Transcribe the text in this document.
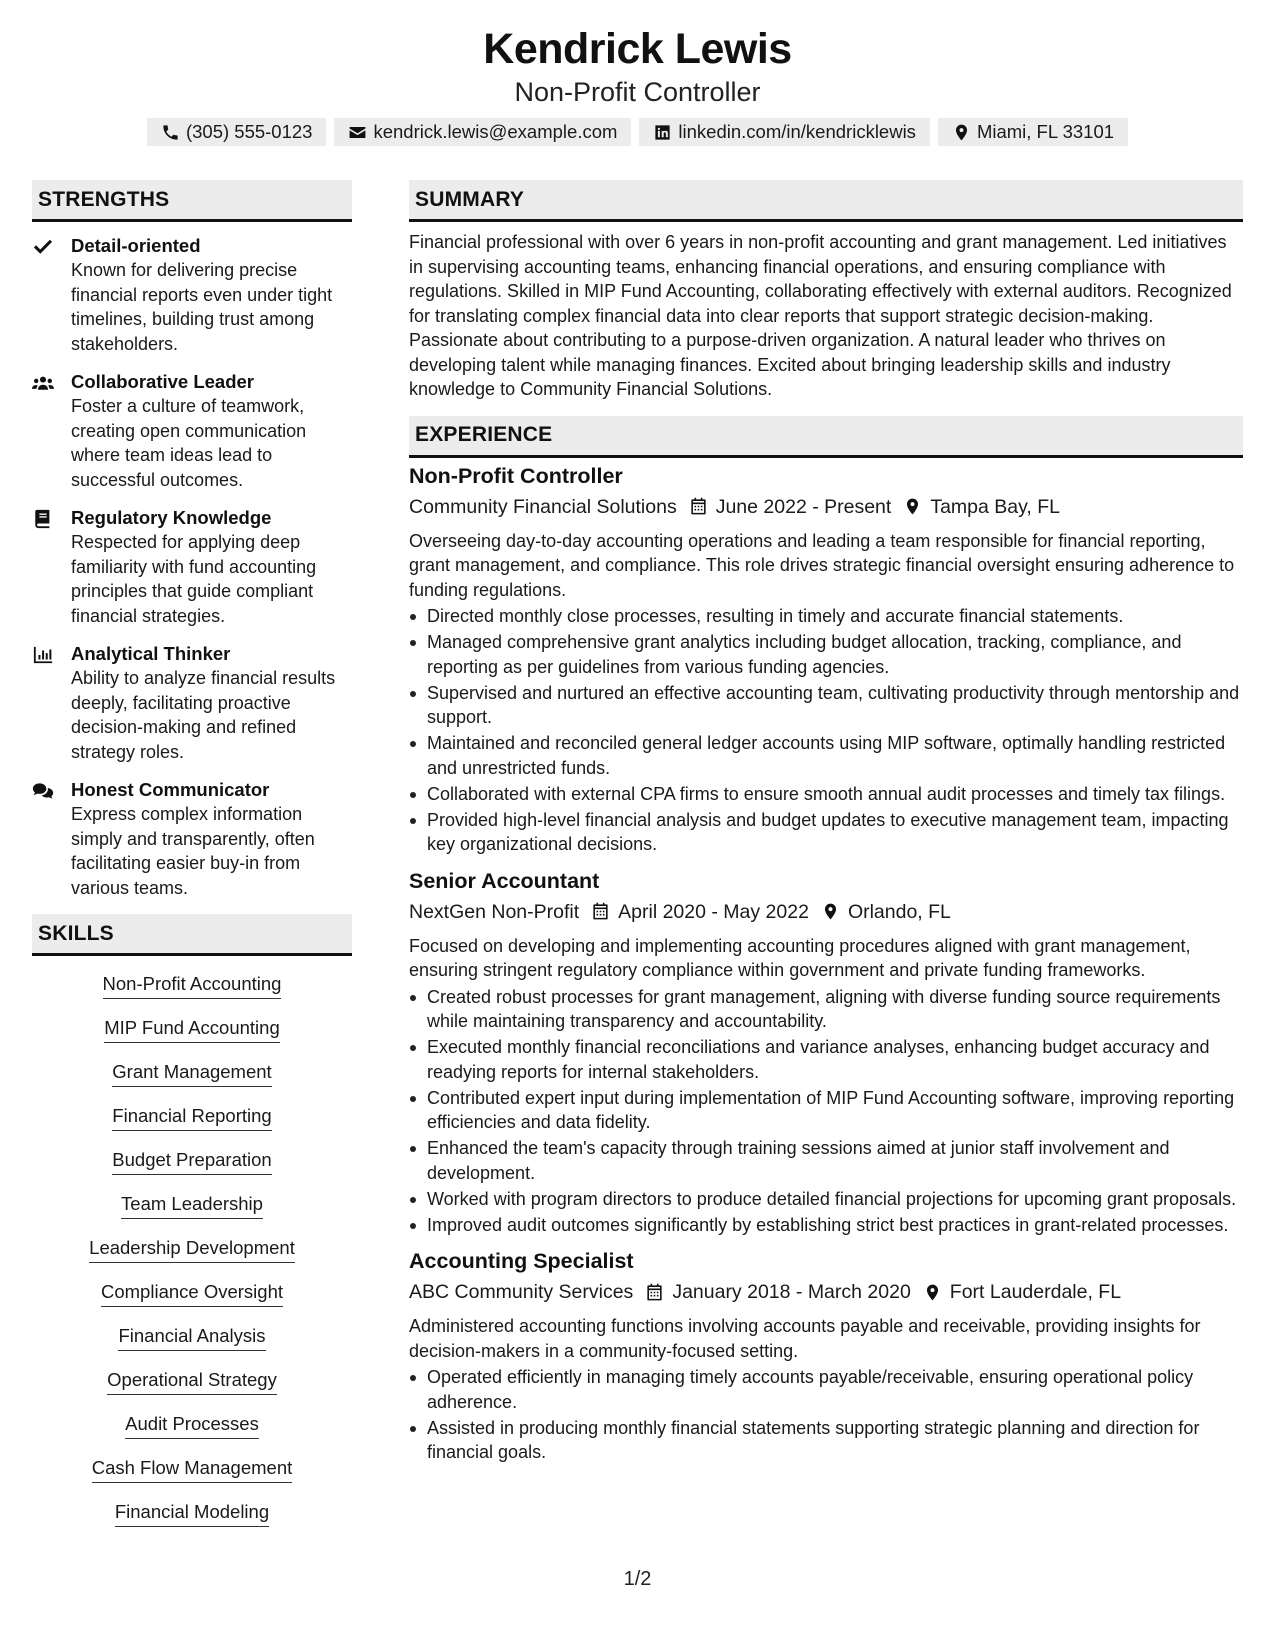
Kendrick Lewis
Non-Profit Controller
(305) 555-0123	kendrick.lewis@example.com	linkedin.com/in/kendricklewis	Miami, FL 33101
STRENGTHS
Detail-oriented
Known for delivering precise financial reports even under tight timelines, building trust among stakeholders.
Collaborative Leader
Foster a culture of teamwork, creating open communication where team ideas lead to successful outcomes.
Regulatory Knowledge
Respected for applying deep familiarity with fund accounting principles that guide compliant financial strategies.
Analytical Thinker
Ability to analyze financial results deeply, facilitating proactive decision-making and refined strategy roles.
Honest Communicator
Express complex information simply and transparently, often facilitating easier buy-in from various teams.
SKILLS
Non-Profit Accounting
MIP Fund Accounting
Grant Management
Financial Reporting
Budget Preparation
Team Leadership
Leadership Development
Compliance Oversight
Financial Analysis
Operational Strategy
Audit Processes
Cash Flow Management
Financial Modeling
SUMMARY
Financial professional with over 6 years in non-profit accounting and grant management. Led initiatives in supervising accounting teams, enhancing financial operations, and ensuring compliance with regulations. Skilled in MIP Fund Accounting, collaborating effectively with external auditors. Recognized for translating complex financial data into clear reports that support strategic decision-making. Passionate about contributing to a purpose-driven organization. A natural leader who thrives on developing talent while managing finances. Excited about bringing leadership skills and industry knowledge to Community Financial Solutions.
EXPERIENCE
Non-Profit Controller
Community Financial Solutions June 2022 - Present Tampa Bay, FL
Overseeing day-to-day accounting operations and leading a team responsible for financial reporting, grant management, and compliance. This role drives strategic financial oversight ensuring adherence to funding regulations.
Directed monthly close processes, resulting in timely and accurate financial statements.
Managed comprehensive grant analytics including budget allocation, tracking, compliance, and reporting as per guidelines from various funding agencies.
Supervised and nurtured an effective accounting team, cultivating productivity through mentorship and support.
Maintained and reconciled general ledger accounts using MIP software, optimally handling restricted and unrestricted funds.
Collaborated with external CPA firms to ensure smooth annual audit processes and timely tax filings.
Provided high-level financial analysis and budget updates to executive management team, impacting key organizational decisions.
Senior Accountant
NextGen Non-Profit April 2020 - May 2022 Orlando, FL
Focused on developing and implementing accounting procedures aligned with grant management, ensuring stringent regulatory compliance within government and private funding frameworks.
Created robust processes for grant management, aligning with diverse funding source requirements while maintaining transparency and accountability.
Executed monthly financial reconciliations and variance analyses, enhancing budget accuracy and readying reports for internal stakeholders.
Contributed expert input during implementation of MIP Fund Accounting software, improving reporting efficiencies and data fidelity.
Enhanced the team's capacity through training sessions aimed at junior staff involvement and development.
Worked with program directors to produce detailed financial projections for upcoming grant proposals.
Improved audit outcomes significantly by establishing strict best practices in grant-related processes.
Accounting Specialist
ABC Community Services January 2018 - March 2020 Fort Lauderdale, FL
Administered accounting functions involving accounts payable and receivable, providing insights for decision-makers in a community-focused setting.
Operated efficiently in managing timely accounts payable/receivable, ensuring operational policy adherence.
Assisted in producing monthly financial statements supporting strategic planning and direction for financial goals.
1/2
